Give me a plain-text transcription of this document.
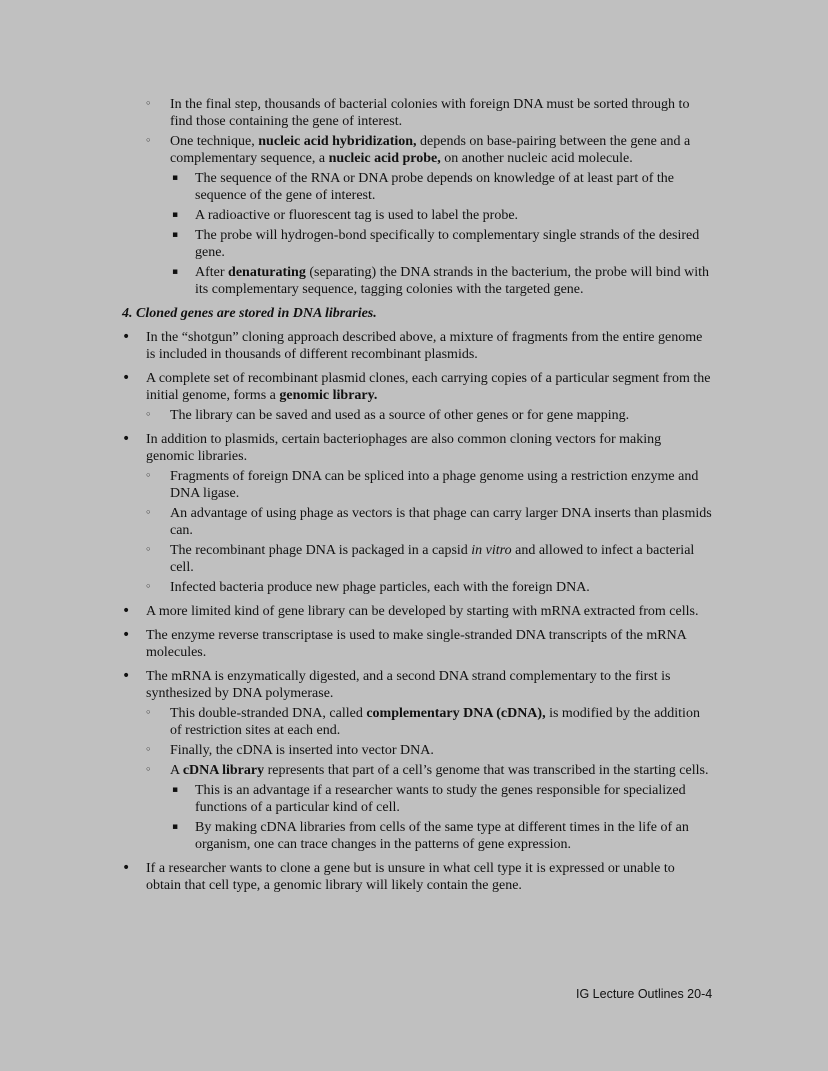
◦ In the final step, thousands of bacterial colonies with foreign DNA must be sorted through to find those containing the gene of interest.
◦ One technique, nucleic acid hybridization, depends on base-pairing between the gene and a complementary sequence, a nucleic acid probe, on another nucleic acid molecule.
▪ The sequence of the RNA or DNA probe depends on knowledge of at least part of the sequence of the gene of interest.
▪ A radioactive or fluorescent tag is used to label the probe.
▪ The probe will hydrogen-bond specifically to complementary single strands of the desired gene.
▪ After denaturating (separating) the DNA strands in the bacterium, the probe will bind with its complementary sequence, tagging colonies with the targeted gene.
4. Cloned genes are stored in DNA libraries.
• In the “shotgun” cloning approach described above, a mixture of fragments from the entire genome is included in thousands of different recombinant plasmids.
• A complete set of recombinant plasmid clones, each carrying copies of a particular segment from the initial genome, forms a genomic library.
◦ The library can be saved and used as a source of other genes or for gene mapping.
• In addition to plasmids, certain bacteriophages are also common cloning vectors for making genomic libraries.
◦ Fragments of foreign DNA can be spliced into a phage genome using a restriction enzyme and DNA ligase.
◦ An advantage of using phage as vectors is that phage can carry larger DNA inserts than plasmids can.
◦ The recombinant phage DNA is packaged in a capsid in vitro and allowed to infect a bacterial cell.
◦ Infected bacteria produce new phage particles, each with the foreign DNA.
• A more limited kind of gene library can be developed by starting with mRNA extracted from cells.
• The enzyme reverse transcriptase is used to make single-stranded DNA transcripts of the mRNA molecules.
• The mRNA is enzymatically digested, and a second DNA strand complementary to the first is synthesized by DNA polymerase.
◦ This double-stranded DNA, called complementary DNA (cDNA), is modified by the addition of restriction sites at each end.
◦ Finally, the cDNA is inserted into vector DNA.
◦ A cDNA library represents that part of a cell’s genome that was transcribed in the starting cells.
▪ This is an advantage if a researcher wants to study the genes responsible for specialized functions of a particular kind of cell.
▪ By making cDNA libraries from cells of the same type at different times in the life of an organism, one can trace changes in the patterns of gene expression.
• If a researcher wants to clone a gene but is unsure in what cell type it is expressed or unable to obtain that cell type, a genomic library will likely contain the gene.
IG Lecture Outlines 20-4
